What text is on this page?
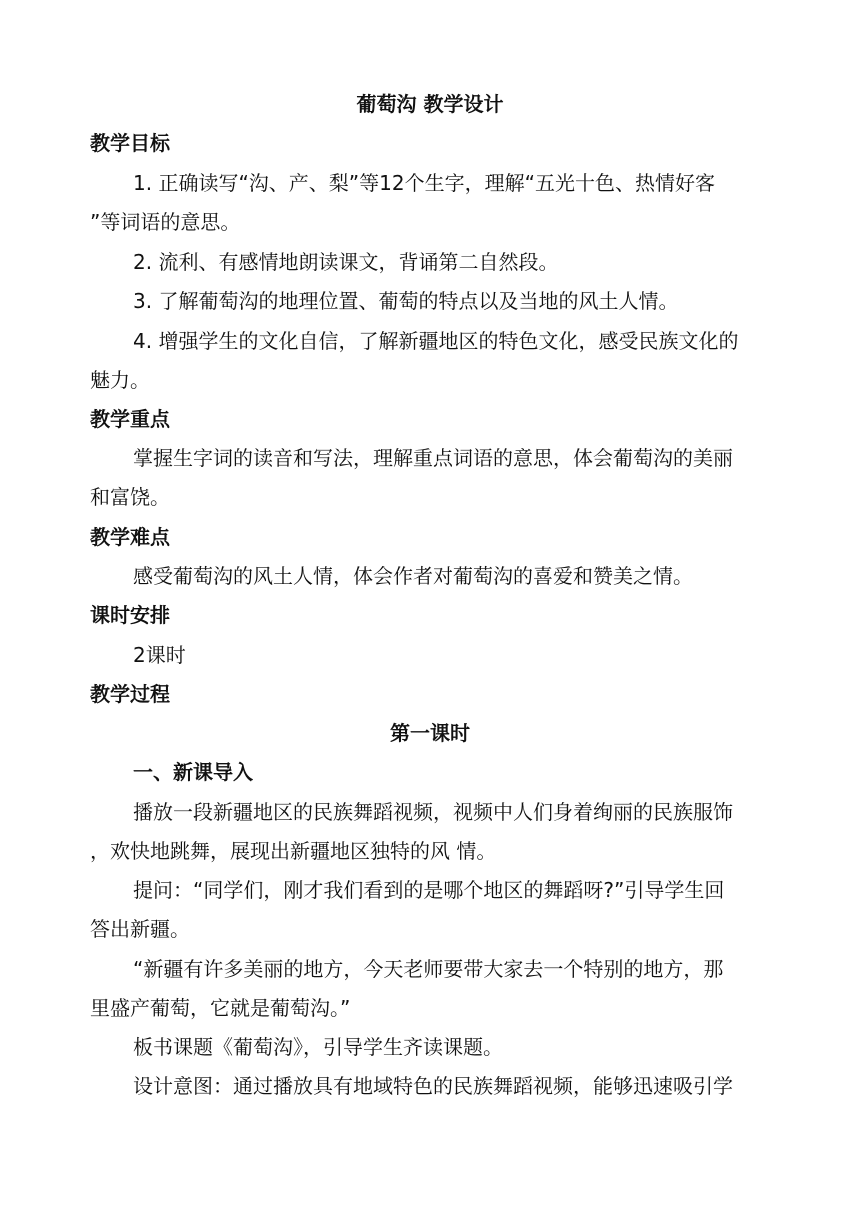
葡萄沟 教学设计
教学目标
1. 正确读写“沟、产、梨”等12个生字，理解“五光十色、热情好客
”等词语的意思。
2. 流利、有感情地朗读课文，背诵第二自然段。
3. 了解葡萄沟的地理位置、葡萄的特点以及当地的风土人情。
4. 增强学生的文化自信，了解新疆地区的特色文化，感受民族文化的
魅力。
教学重点
掌握生字词的读音和写法，理解重点词语的意思，体会葡萄沟的美丽
和富饶。
教学难点
感受葡萄沟的风土人情，体会作者对葡萄沟的喜爱和赞美之情。
课时安排
2课时
教学过程
第一课时
一、新课导入
播放一段新疆地区的民族舞蹈视频，视频中人们身着绚丽的民族服饰
，欢快地跳舞，展现出新疆地区独特的风 情。
提问：“同学们，刚才我们看到的是哪个地区的舞蹈呀?”引导学生回
答出新疆。
“新疆有许多美丽的地方，今天老师要带大家去一个特别的地方，那
里盛产葡萄，它就是葡萄沟。”
板书课题《葡萄沟》，引导学生齐读课题。
设计意图：通过播放具有地域特色的民族舞蹈视频，能够迅速吸引学
